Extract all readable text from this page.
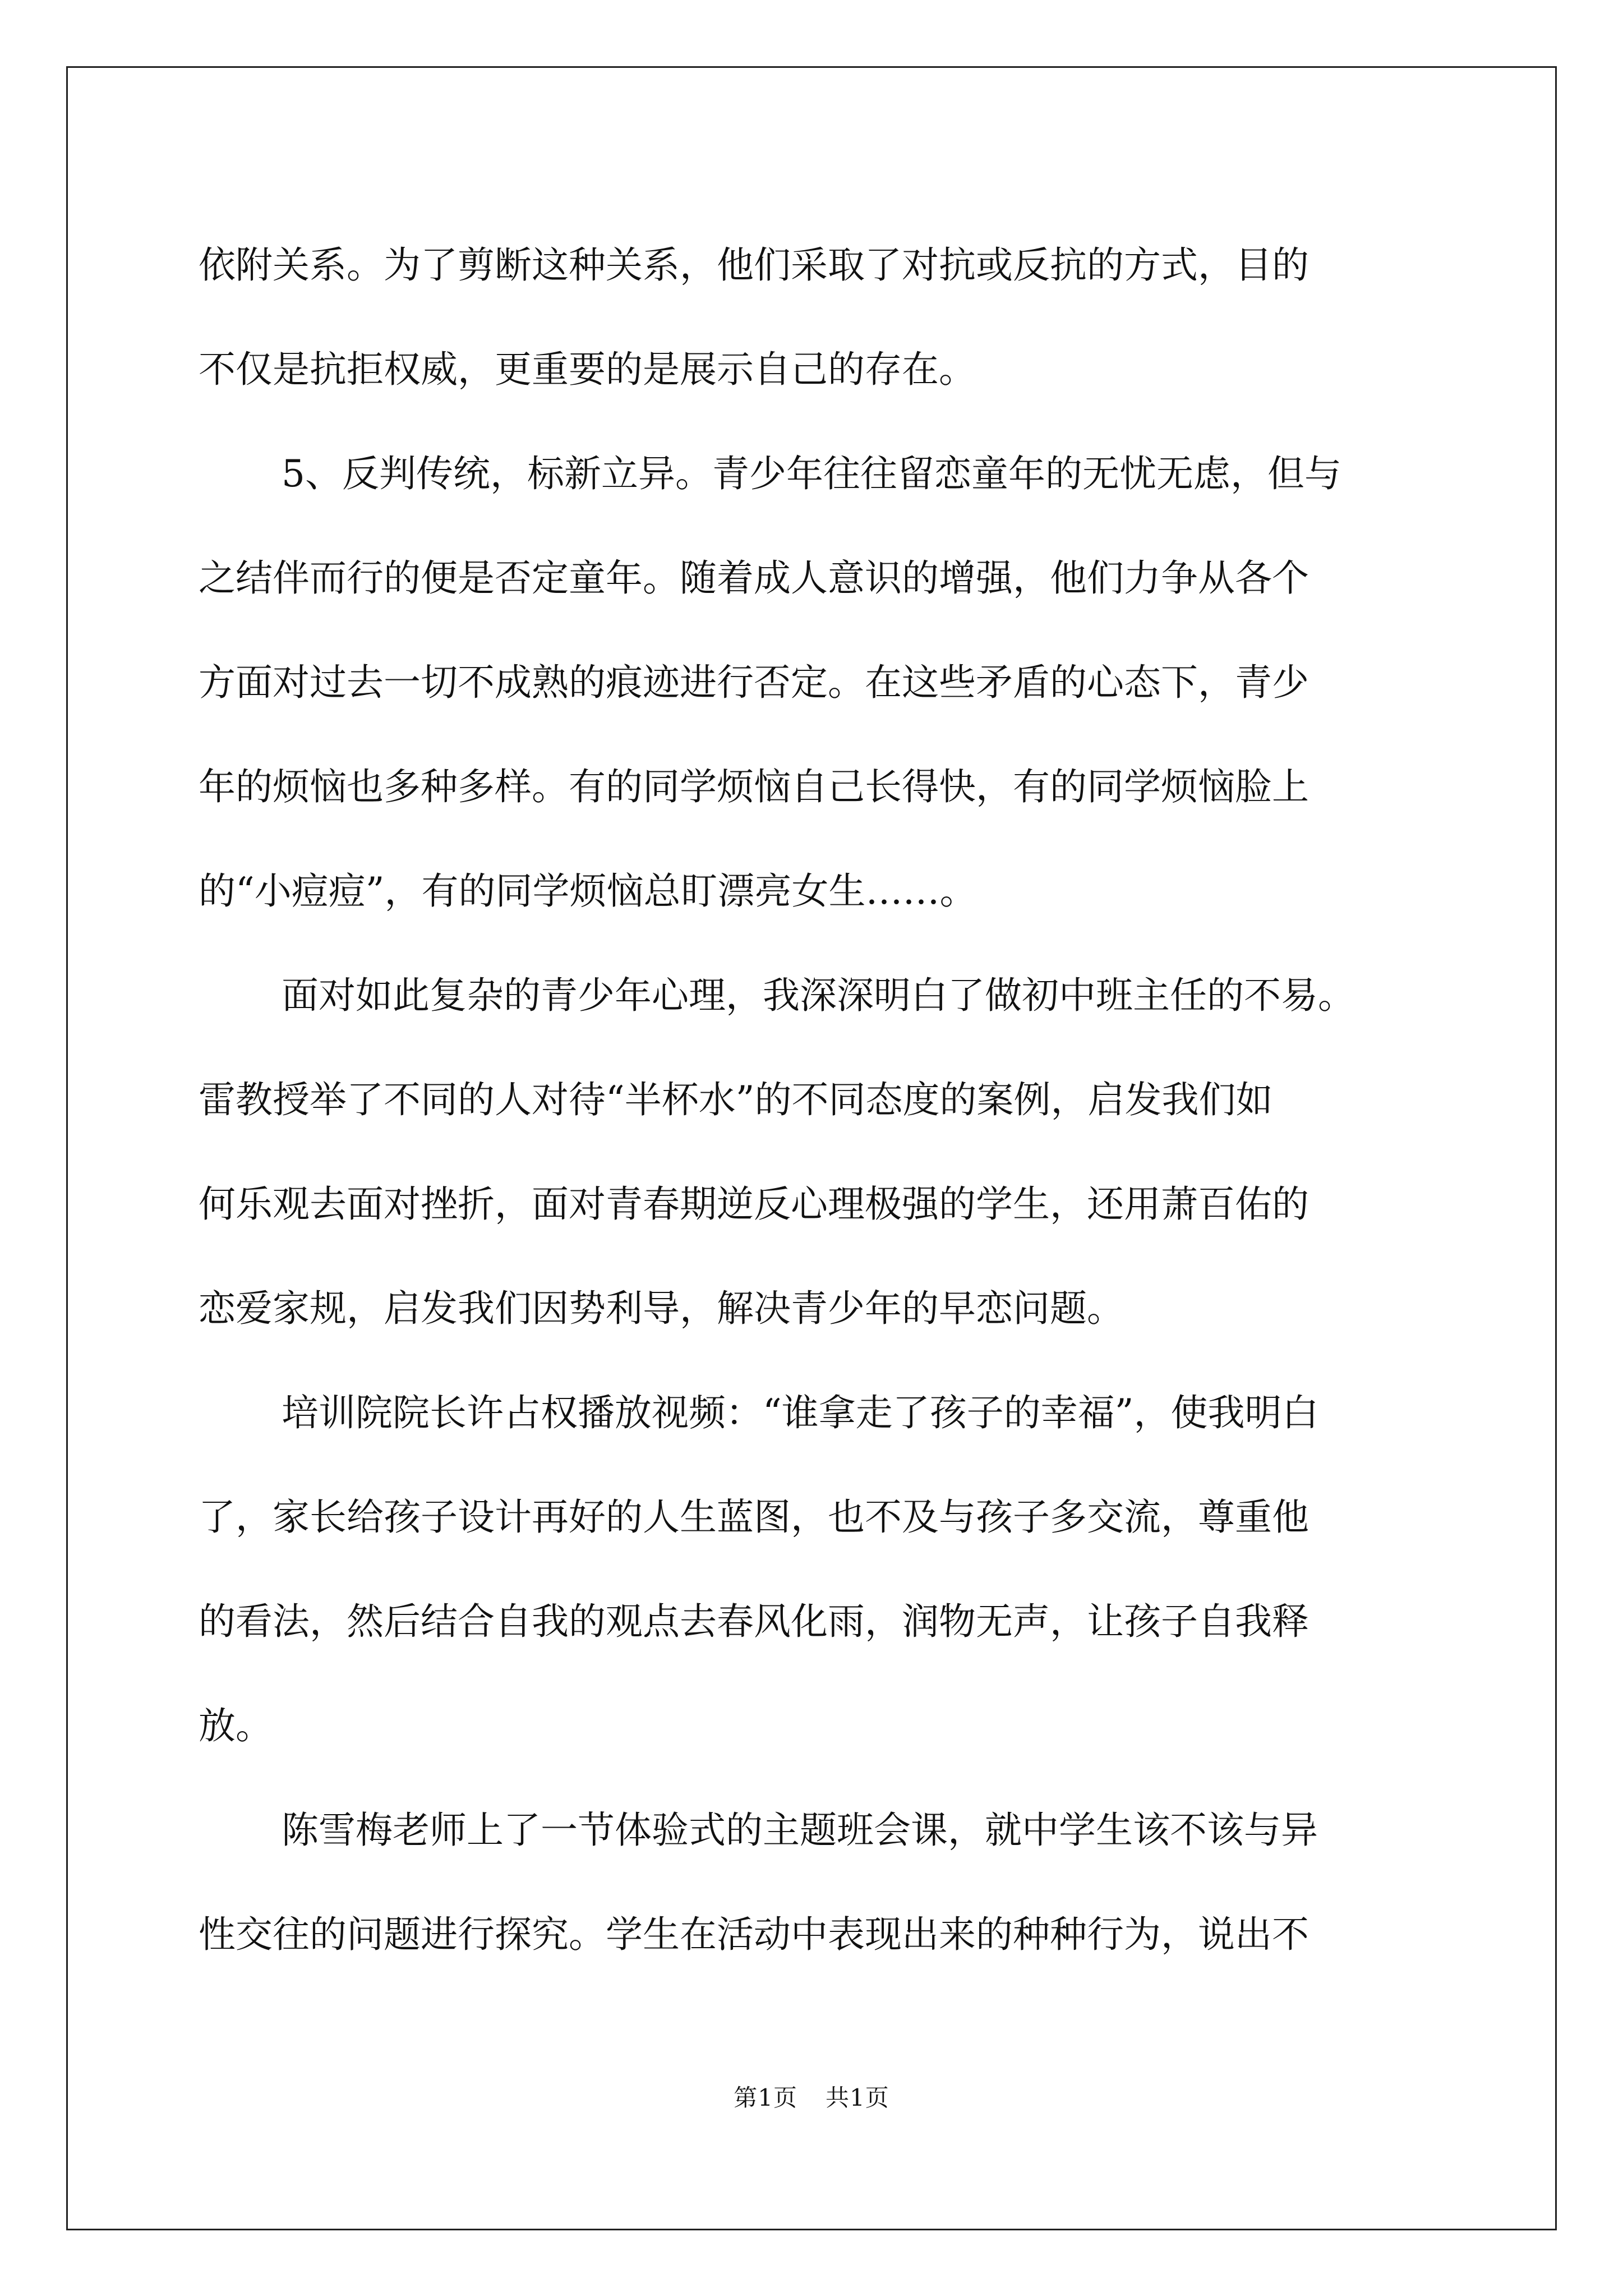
依附关系。为了剪断这种关系，他们采取了对抗或反抗的方式，目的
不仅是抗拒权威，更重要的是展示自己的存在。
5、反判传统，标新立异。青少年往往留恋童年的无忧无虑，但与
之结伴而行的便是否定童年。随着成人意识的增强，他们力争从各个
方面对过去一切不成熟的痕迹进行否定。在这些矛盾的心态下，青少
年的烦恼也多种多样。有的同学烦恼自己长得快，有的同学烦恼脸上
的“小痘痘”，有的同学烦恼总盯漂亮女生……。
面对如此复杂的青少年心理，我深深明白了做初中班主任的不易。
雷教授举了不同的人对待“半杯水”的不同态度的案例，启发我们如
何乐观去面对挫折，面对青春期逆反心理极强的学生，还用萧百佑的
恋爱家规，启发我们因势利导，解决青少年的早恋问题。
培训院院长许占权播放视频：“谁拿走了孩子的幸福”，使我明白
了，家长给孩子设计再好的人生蓝图，也不及与孩子多交流，尊重他
的看法，然后结合自我的观点去春风化雨，润物无声，让孩子自我释
放。
陈雪梅老师上了一节体验式的主题班会课，就中学生该不该与异
性交往的问题进行探究。学生在活动中表现出来的种种行为，说出不
第1页 共1页
